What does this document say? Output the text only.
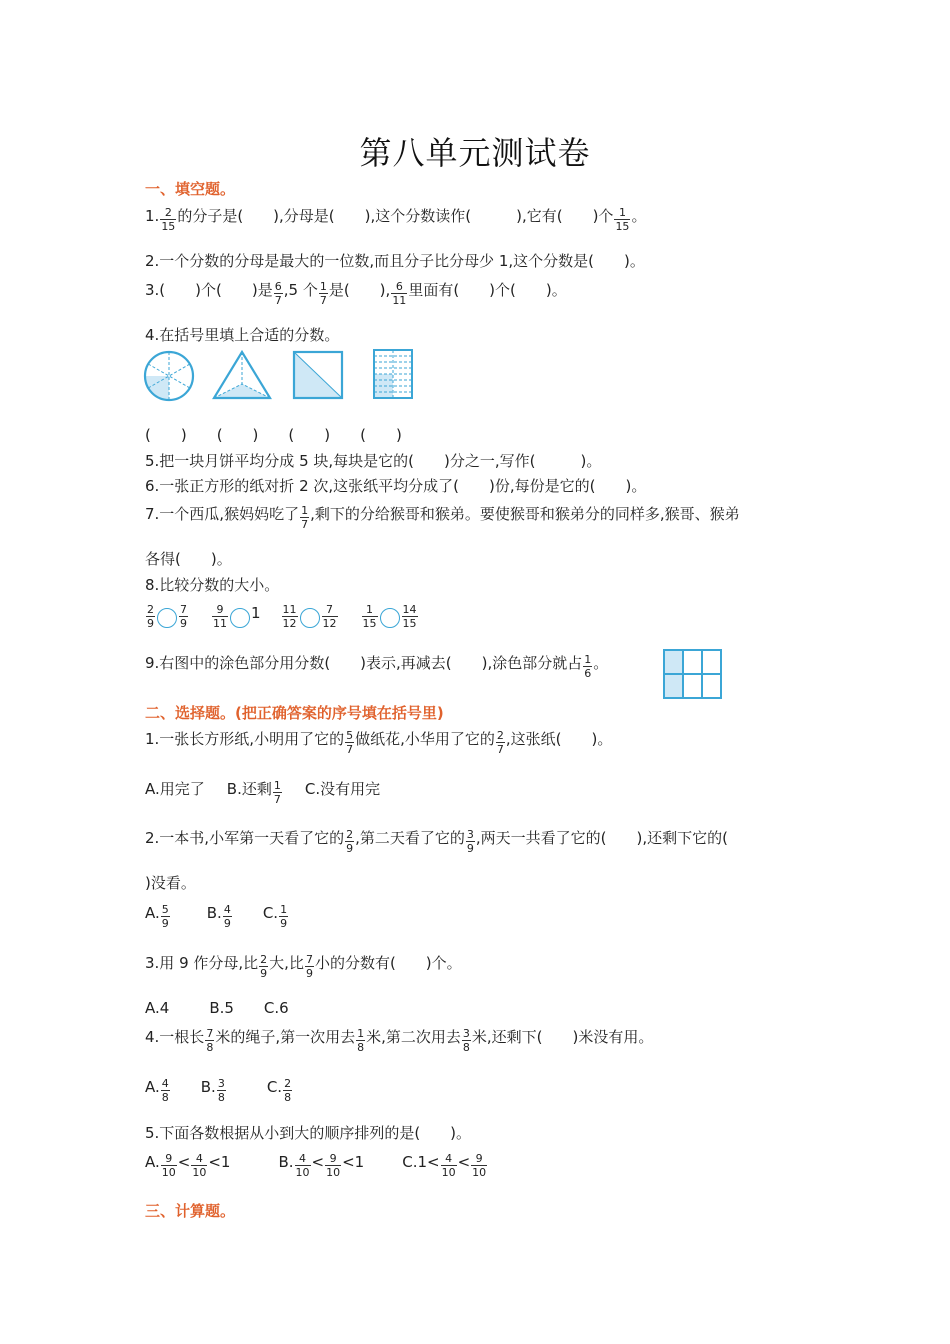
第八单元测试卷
一、填空题。
1. $\frac{2}{15}$ 的分子是(　　),分母是(　　),这个分数读作(　　　),它有(　　)个 $\frac{1}{15}$ 。
2.一个分数的分母是最大的一位数,而且分子比分母少 1,这个分数是(　　)。
3.(　　)个(　　)是 $\frac{6}{7} ,5$ 个 $\frac{1}{7}$ 是(　　), $\frac{6}{11}$ 里面有(　　)个(　　)。
4.在括号里填上合适的分数。
(　　)　　(　　)　　(　　)　　(　　)
5.把一块月饼平均分成 5 块,每块是它的(　　)分之一,写作(　　　)。
6.一张正方形的纸对折 2 次,这张纸平均分成了(　　)份,每份是它的(　　)。
7.一个西瓜,猴妈妈吃了 $\frac{1}{7}$ ,剩下的分给猴哥和猴弟。要使猴哥和猴弟分的同样多,猴哥、猴弟
各得(　　)。
8.比较分数的大小。
$\frac{2}{9} \frac{7}{9} \frac{9}{11} 1 \frac{11}{12} \frac{7}{12} \frac{1}{15} \frac{14}{15}$
9.右图中的涂色部分用分数(　　)表示,再减去(　　),涂色部分就占 $\frac{1}{6}$ 。
二、选择题。(把正确答案的序号填在括号里)
1.一张长方形纸,小明用了它的 $\frac{5}{7}$ 做纸花,小华用了它的 $\frac{2}{7}$ ,这张纸(　　)。
A.用完了 B.还剩 $\frac{1}{7} C$.没有用完
2.一本书,小军第一天看了它的 $\frac{2}{9}$ ,第二天看了它的 $\frac{3}{9}$ ,两天一共看了它的(　　),还剩下它的(
)没看。
A. $\frac{5}{9} B$. $\frac{4}{9} C$. $\frac{1}{9}$
3.用 9 作分母,比 $\frac{2}{9}$ 大,比 $\frac{7}{9}$ 小的分数有(　　)个。
A.4	B.5 C.6
4.一根长 $\frac{7}{8}$ 米的绳子,第一次用去 $\frac{1}{8}$ 米,第二次用去 $\frac{3}{8}$ 米,还剩下(　　)米没有用。
A. $\frac{4}{8} B$. $\frac{3}{8}$	C. $\frac{2}{8}$
5.下面各数根据从小到大的顺序排列的是(　　)。
A. $\frac{9}{10} < \frac{4}{10} <1$	B. $\frac{4}{10} < \frac{9}{10} <1$	$C.1< \frac{4}{10} < \frac{9}{10}$
三、计算题。
